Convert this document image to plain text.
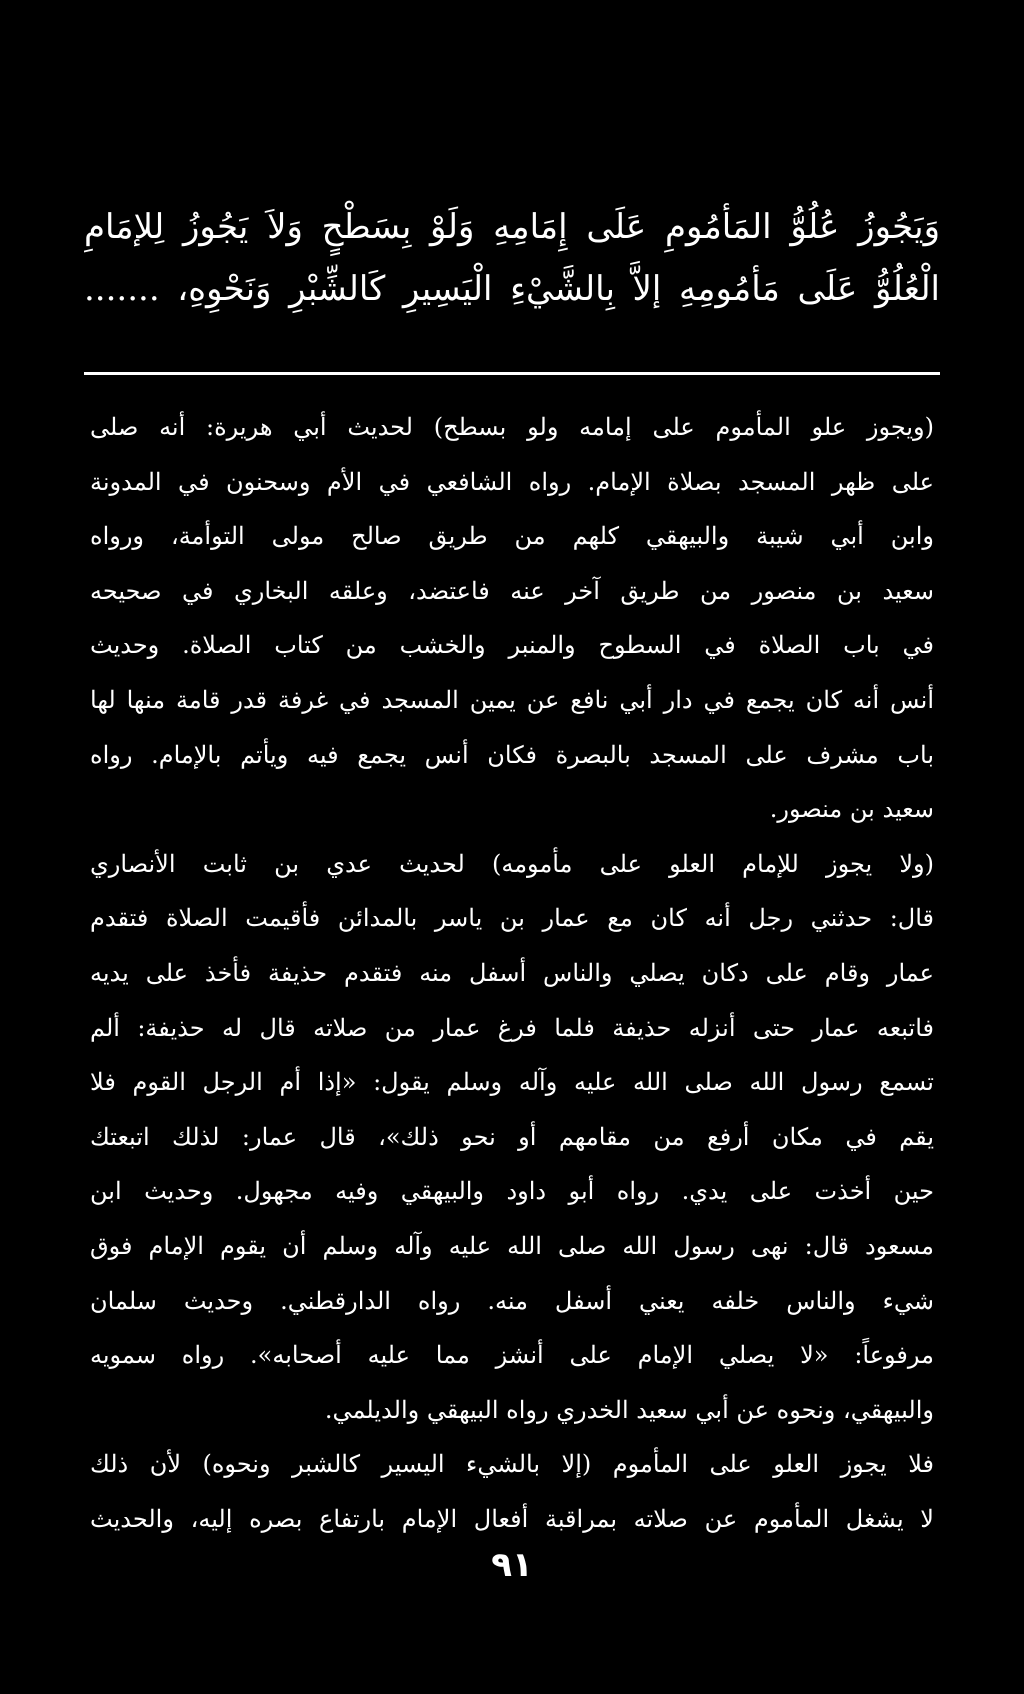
وَيَجُوزُ عُلُوُّ المَأمُومِ عَلَى إِمَامِهِ وَلَوْ بِسَطْحٍ وَلاَ يَجُوزُ لِلإمَامِ
الْعُلُوُّ عَلَى مَأمُومِهِ إلاَّ بِالشَّيْءِ الْيَسِيرِ كَالشِّبْرِ وَنَحْوِهِ، .......
(ويجوز علو المأموم على إمامه ولو بسطح) لحديث أبي هريرة: أنه صلى
على ظهر المسجد بصلاة الإمام. رواه الشافعي في الأم وسحنون في المدونة
وابن أبي شيبة والبيهقي كلهم من طريق صالح مولى التوأمة، ورواه
سعيد بن منصور من طريق آخر عنه فاعتضد، وعلقه البخاري في صحيحه
في باب الصلاة في السطوح والمنبر والخشب من كتاب الصلاة. وحديث
أنس أنه كان يجمع في دار أبي نافع عن يمين المسجد في غرفة قدر قامة منها لها
باب مشرف على المسجد بالبصرة فكان أنس يجمع فيه ويأتم بالإمام. رواه
سعيد بن منصور.
(ولا يجوز للإمام العلو على مأمومه) لحديث عدي بن ثابت الأنصاري
قال: حدثني رجل أنه كان مع عمار بن ياسر بالمدائن فأقيمت الصلاة فتقدم
عمار وقام على دكان يصلي والناس أسفل منه فتقدم حذيفة فأخذ على يديه
فاتبعه عمار حتى أنزله حذيفة فلما فرغ عمار من صلاته قال له حذيفة: ألم
تسمع رسول الله صلى الله عليه وآله وسلم يقول: «إذا أم الرجل القوم فلا
يقم في مكان أرفع من مقامهم أو نحو ذلك»، قال عمار: لذلك اتبعتك
حين أخذت على يدي. رواه أبو داود والبيهقي وفيه مجهول. وحديث ابن
مسعود قال: نهى رسول الله صلى الله عليه وآله وسلم أن يقوم الإمام فوق
شيء والناس خلفه يعني أسفل منه. رواه الدارقطني. وحديث سلمان
مرفوعاً: «لا يصلي الإمام على أنشز مما عليه أصحابه». رواه سمويه
والبيهقي، ونحوه عن أبي سعيد الخدري رواه البيهقي والديلمي.
فلا يجوز العلو على المأموم (إلا بالشيء اليسير كالشبر ونحوه) لأن ذلك
لا يشغل المأموم عن صلاته بمراقبة أفعال الإمام بارتفاع بصره إليه، والحديث
٩١
